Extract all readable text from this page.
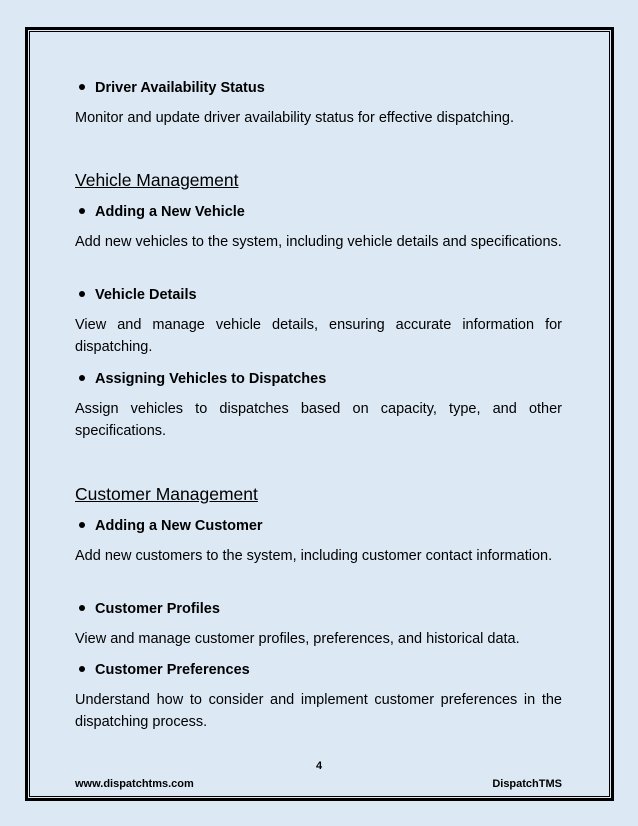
Driver Availability Status
Monitor and update driver availability status for effective dispatching.
Vehicle Management
Adding a New Vehicle
Add new vehicles to the system, including vehicle details and specifications.
Vehicle Details
View and manage vehicle details, ensuring accurate information for dispatching.
Assigning Vehicles to Dispatches
Assign vehicles to dispatches based on capacity, type, and other specifications.
Customer Management
Adding a New Customer
Add new customers to the system, including customer contact information.
Customer Profiles
View and manage customer profiles, preferences, and historical data.
Customer Preferences
Understand how to consider and implement customer preferences in the dispatching process.
4
www.dispatchtms.com	DispatchTMS
